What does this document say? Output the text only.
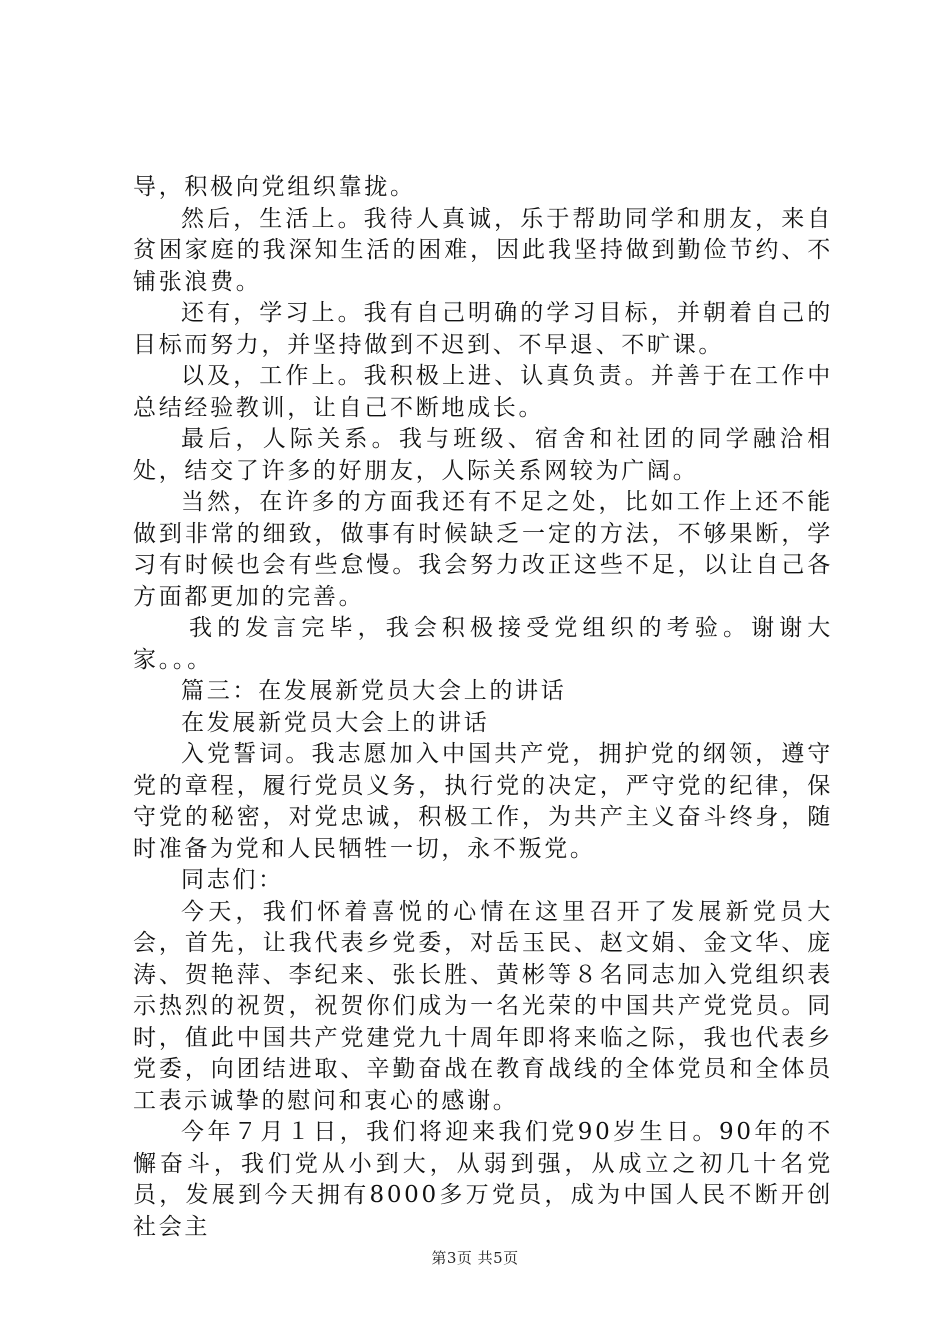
导，积极向党组织靠拢。

然后，生活上。我待人真诚，乐于帮助同学和朋友，来自贫困家庭的我深知生活的困难，因此我坚持做到勤俭节约、不铺张浪费。

还有，学习上。我有自己明确的学习目标，并朝着自己的目标而努力，并坚持做到不迟到、不早退、不旷课。

以及，工作上。我积极上进、认真负责。并善于在工作中总结经验教训，让自己不断地成长。

最后，人际关系。我与班级、宿舍和社团的同学融洽相处，结交了许多的好朋友，人际关系网较为广阔。

当然，在许多的方面我还有不足之处，比如工作上还不能做到非常的细致，做事有时候缺乏一定的方法，不够果断，学习有时候也会有些怠慢。我会努力改正这些不足，以让自己各方面都更加的完善。

我的发言完毕，我会积极接受党组织的考验。谢谢大家。。。

篇三：在发展新党员大会上的讲话

在发展新党员大会上的讲话

入党誓词。我志愿加入中国共产党，拥护党的纲领，遵守党的章程，履行党员义务，执行党的决定，严守党的纪律，保守党的秘密，对党忠诚，积极工作，为共产主义奋斗终身，随时准备为党和人民牺牲一切，永不叛党。

同志们：

今天，我们怀着喜悦的心情在这里召开了发展新党员大会，首先，让我代表乡党委，对岳玉民、赵文娟、金文华、庞涛、贺艳萍、李纪来、张长胜、黄彬等８名同志加入党组织表示热烈的祝贺，祝贺你们成为一名光荣的中国共产党党员。同时，值此中国共产党建党九十周年即将来临之际，我也代表乡党委，向团结进取、辛勤奋战在教育战线的全体党员和全体员工表示诚挚的慰问和衷心的感谢。

今年７月１日，我们将迎来我们党90岁生日。90年的不懈奋斗，我们党从小到大，从弱到强，从成立之初几十名党员，发展到今天拥有8000多万党员，成为中国人民不断开创社会主

第3页 共5页
